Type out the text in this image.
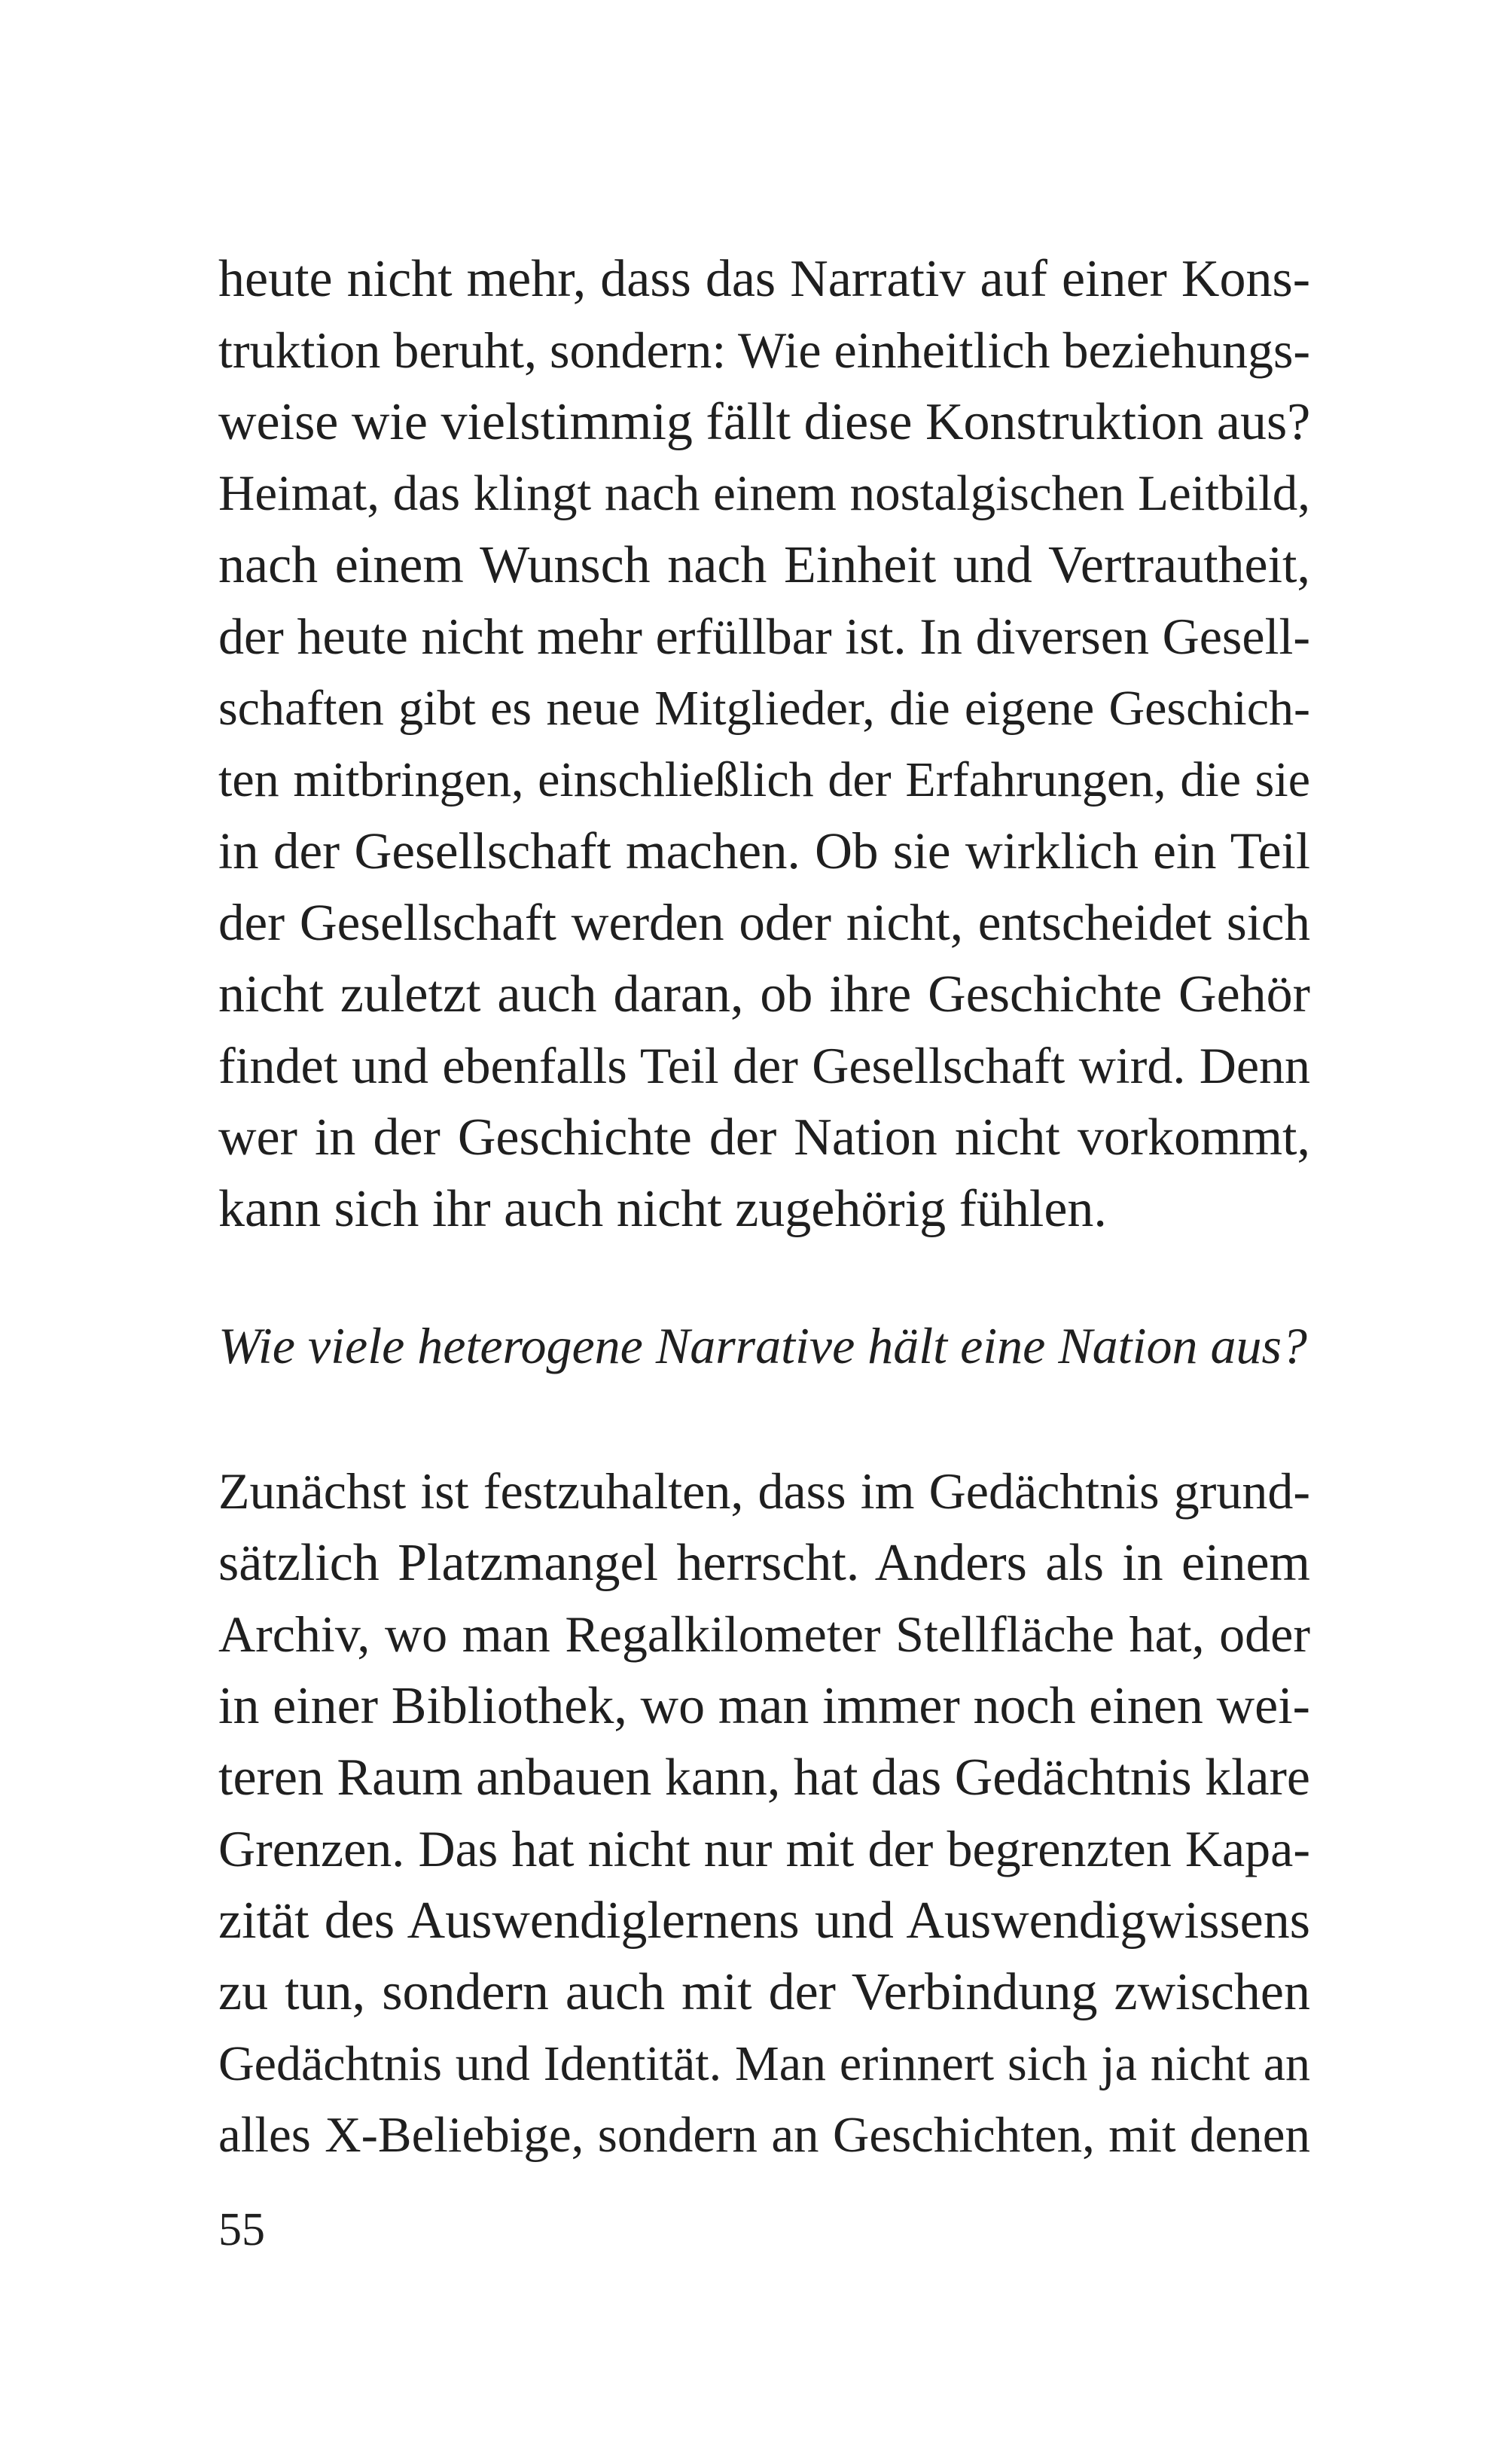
heute nicht mehr, dass das Narrativ auf einer Kons-
truktion beruht, sondern: Wie einheitlich beziehungs-
weise wie vielstimmig fällt diese Konstruktion aus?
Heimat, das klingt nach einem nostalgischen Leitbild,
nach einem Wunsch nach Einheit und Vertrautheit,
der heute nicht mehr erfüllbar ist. In diversen Gesell-
schaften gibt es neue Mitglieder, die eigene Geschich-
ten mitbringen, einschließlich der Erfahrungen, die sie
in der Gesellschaft machen. Ob sie wirklich ein Teil
der Gesellschaft werden oder nicht, entscheidet sich
nicht zuletzt auch daran, ob ihre Geschichte Gehör
findet und ebenfalls Teil der Gesellschaft wird. Denn
wer in der Geschichte der Nation nicht vorkommt,
kann sich ihr auch nicht zugehörig fühlen.
Wie viele heterogene Narrative hält eine Nation aus?
Zunächst ist festzuhalten, dass im Gedächtnis grund-
sätzlich Platzmangel herrscht. Anders als in einem
Archiv, wo man Regalkilometer Stellfläche hat, oder
in einer Bibliothek, wo man immer noch einen wei-
teren Raum anbauen kann, hat das Gedächtnis klare
Grenzen. Das hat nicht nur mit der begrenzten Kapa-
zität des Auswendiglernens und Auswendigwissens
zu tun, sondern auch mit der Verbindung zwischen
Gedächtnis und Identität. Man erinnert sich ja nicht an
alles X-Beliebige, sondern an Geschichten, mit denen
55
